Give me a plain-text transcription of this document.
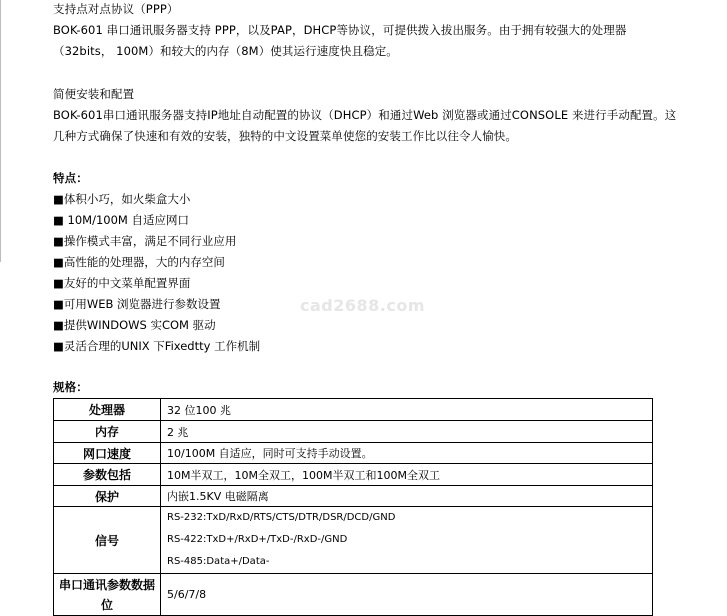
支持点对点协议（PPP）
BOK-601 串口通讯服务器支持 PPP，以及PAP，DHCP等协议，可提供拨入拔出服务。由于拥有较强大的处理器
（32bits， 100M）和较大的内存（8M）使其运行速度快且稳定。
简便安装和配置
BOK-601串口通讯服务器支持IP地址自动配置的协议（DHCP）和通过Web 浏览器或通过CONSOLE 来进行手动配置。这
几种方式确保了快速和有效的安装，独特的中文设置菜单使您的安装工作比以往令人愉快。
特点：
■体积小巧，如火柴盒大小
■ 10M/100M 自适应网口
■操作模式丰富，满足不同行业应用
■高性能的处理器，大的内存空间
■友好的中文菜单配置界面
■可用WEB 浏览器进行参数设置
■提供WINDOWS 实COM 驱动
■灵活合理的UNIX 下Fixedtty 工作机制
规格：
cad2688.com
处理器	32 位100 兆
内存	2 兆
网口速度	10/100M 自适应，同时可支持手动设置。
参数包括	10M半双工，10M全双工，100M半双工和100M全双工
保护	内嵌1.5KV 电磁隔离
信号	RS-232:TxD/RxD/RTS/CTS/DTR/DSR/DCD/GND
RS-422:TxD+/RxD+/TxD-/RxD-/GND
RS-485:Data+/Data-

串口通讯参数数据位	5/6/7/8
